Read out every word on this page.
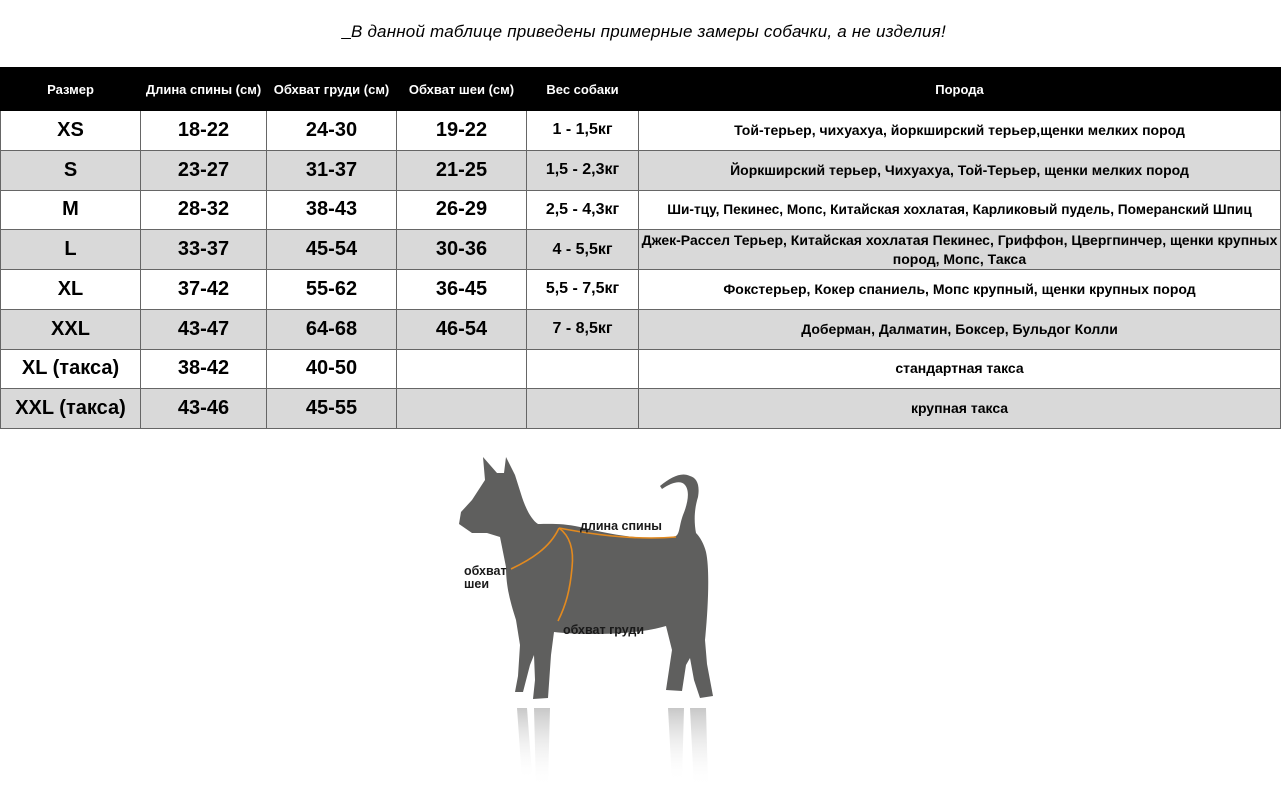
В данной таблице приведены примерные замеры собачки, а не изделия!
Размер	Длина спины (см)	Обхват груди (см)	Обхват шеи (см)	Вес собаки	Порода
XS	18-22	24-30	19-22	1 - 1,5кг	Той-терьер, чихуахуа, йоркширский терьер,щенки мелких пород
S	23-27	31-37	21-25	1,5 - 2,3кг	Йоркширский терьер, Чихуахуа, Той-Терьер, щенки мелких пород
M	28-32	38-43	26-29	2,5 - 4,3кг	Ши-тцу, Пекинес, Мопс, Китайская хохлатая, Карликовый пудель, Померанский Шпиц
L	33-37	45-54	30-36	4 - 5,5кг	Джек-Рассел Терьер, Китайская хохлатая Пекинес, Гриффон, Цвергпинчер, щенки крупных пород, Мопс, Такса
XL	37-42	55-62	36-45	5,5 - 7,5кг	Фокстерьер, Кокер спаниель, Мопс крупный, щенки крупных пород
XXL	43-47	64-68	46-54	7 - 8,5кг	Доберман, Далматин, Боксер, Бульдог Колли
XL (такса)	38-42	40-50			стандартная такса
XXL (такса)	43-46	45-55			крупная такса
длина спины
обхват
шеи
обхват груди
